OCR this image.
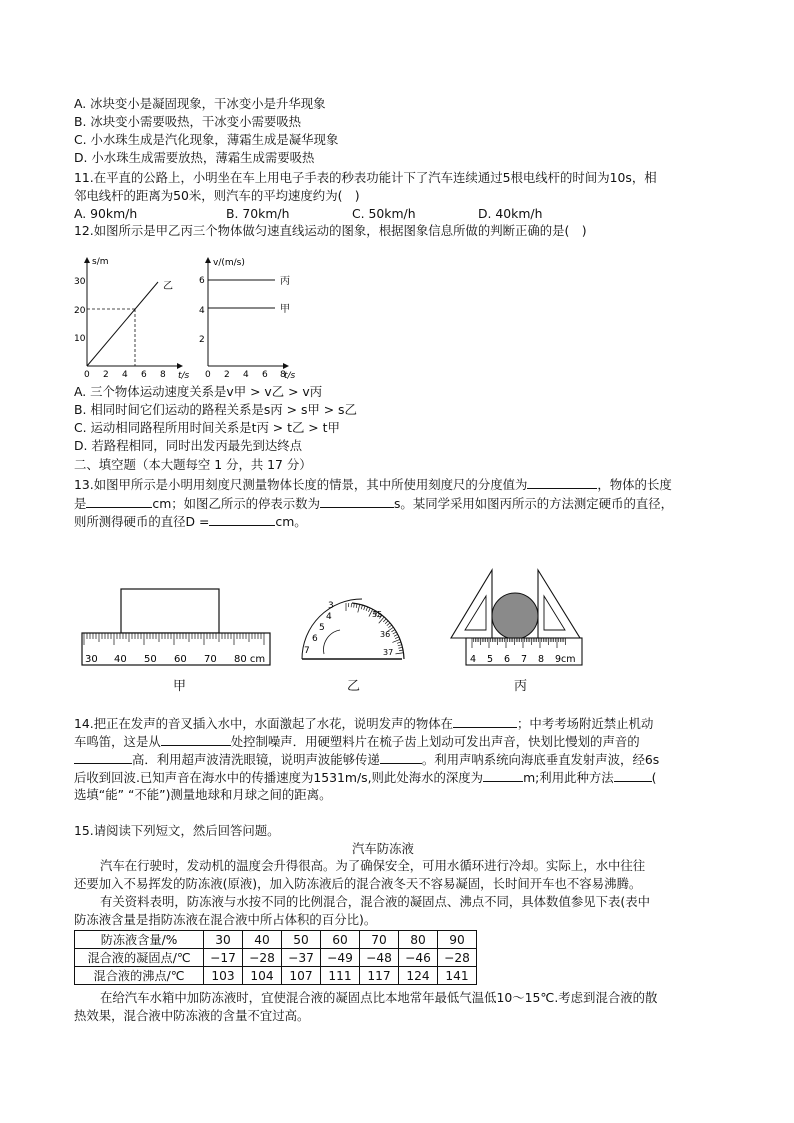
A. 冰块变小是凝固现象，干冰变小是升华现象
B. 冰块变小需要吸热，干冰变小需要吸热
C. 小水珠生成是汽化现象，薄霜生成是凝华现象
D. 小水珠生成需要放热，薄霜生成需要吸热
11.在平直的公路上，小明坐在车上用电子手表的秒表功能计下了汽车连续通过5根电线杆的时间为10s，相
邻电线杆的距离为50米，则汽车的平均速度约为(　)
A. 90km/h	B. 70km/h	C. 50km/h	D. 40km/h
12.如图所示是甲乙丙三个物体做匀速直线运动的图象，根据图象信息所做的判断正确的是(　)
s/m
t/s
30
20
10
0 2 4 6 8
乙
v/(m/s)
t/s
6
4
2
0 2 4 6 8
丙
甲
A. 三个物体运动速度关系是v甲 > v乙 > v丙
B. 相同时间它们运动的路程关系是s丙 > s甲 > s乙
C. 运动相同路程所用时间关系是t丙 > t乙 > t甲
D. 若路程相同，同时出发丙最先到达终点
二、填空题（本大题每空 1 分，共 17 分）
13.如图甲所示是小明用刻度尺测量物体长度的情景，其中所使用刻度尺的分度值为	，物体的长度
是	cm；如图乙所示的停表示数为	s。某同学采用如图丙所示的方法测定硬币的直径，
则所测得硬币的直径D =	cm。
30 40 50 60 70 80 cm
3
4
5
6
7
35
36
37
4 5 6 7 8 9cm
甲	乙	丙
14.把正在发声的音叉插入水中，水面激起了水花，说明发声的物体在	；中考考场附近禁止机动
车鸣笛，这是从	处控制噪声．用硬塑料片在梳子齿上划动可发出声音，快划比慢划的声音的
高．利用超声波清洗眼镜，说明声波能够传递	。利用声呐系统向海底垂直发射声波，经6s
后收到回波.已知声音在海水中的传播速度为1531m/s,则此处海水的深度为	m;利用此种方法	(
选填“能” “不能”)测量地球和月球之间的距离。
15.请阅读下列短文，然后回答问题。
汽车防冻液
汽车在行驶时，发动机的温度会升得很高。为了确保安全，可用水循环进行冷却。实际上，水中往往
还要加入不易挥发的防冻液(原液)，加入防冻液后的混合液冬天不容易凝固，长时间开车也不容易沸腾。
有关资料表明，防冻液与水按不同的比例混合，混合液的凝固点、沸点不同，具体数值参见下表(表中
防冻液含量是指防冻液在混合液中所占体积的百分比)。
防冻液含量/%	30	40	50	60	70	80	90
混合液的凝固点/℃	−17	−28	−37	−49	−48	−46	−28
混合液的沸点/℃	103	104	107	111	117	124	141
在给汽车水箱中加防冻液时，宜使混合液的凝固点比本地常年最低气温低10～15℃.考虑到混合液的散
热效果，混合液中防冻液的含量不宜过高。
